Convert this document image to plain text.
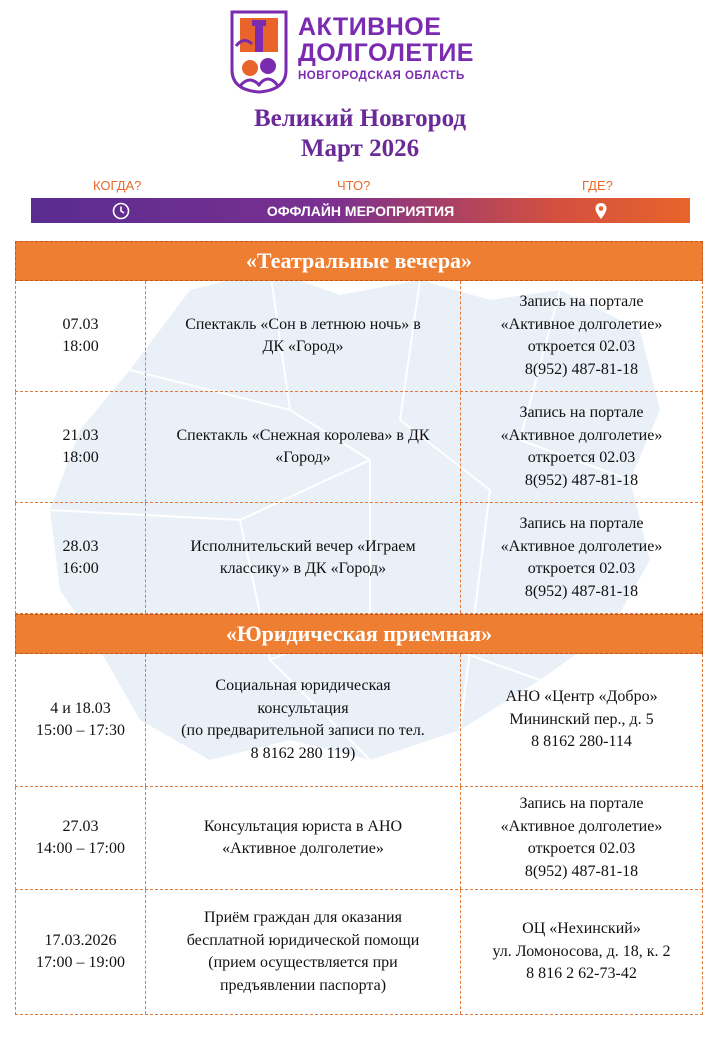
АКТИВНОЕ
ДОЛГОЛЕТИЕ
НОВГОРОДСКАЯ ОБЛАСТЬ
Великий Новгород
Март 2026
КОГДА?	ЧТО?	ГДЕ?
ОФФЛАЙН МЕРОПРИЯТИЯ
«Театральные вечера»
07.03
18:00
Спектакль «Сон в летнюю ночь» в
ДК «Город»
Запись на портале
«Активное долголетие»
откроется 02.03
8(952) 487-81-18
21.03
18:00
Спектакль «Снежная королева» в ДК
«Город»
Запись на портале
«Активное долголетие»
откроется 02.03
8(952) 487-81-18
28.03
16:00
Исполнительский вечер «Играем
классику» в ДК «Город»
Запись на портале
«Активное долголетие»
откроется 02.03
8(952) 487-81-18
«Юридическая приемная»
4 и 18.03
15:00 – 17:30
Социальная юридическая
консультация
(по предварительной записи по тел.
8 8162 280 119)
АНО «Центр «Добро»
Мининский пер., д. 5
8 8162 280-114
27.03
14:00 – 17:00
Консультация юриста в АНО
«Активное долголетие»
Запись на портале
«Активное долголетие»
откроется 02.03
8(952) 487-81-18
17.03.2026
17:00 – 19:00
Приём граждан для оказания
бесплатной юридической помощи
(прием осуществляется при
предъявлении паспорта)
ОЦ «Нехинский»
ул. Ломоносова, д. 18, к. 2
8 816 2 62-73-42
